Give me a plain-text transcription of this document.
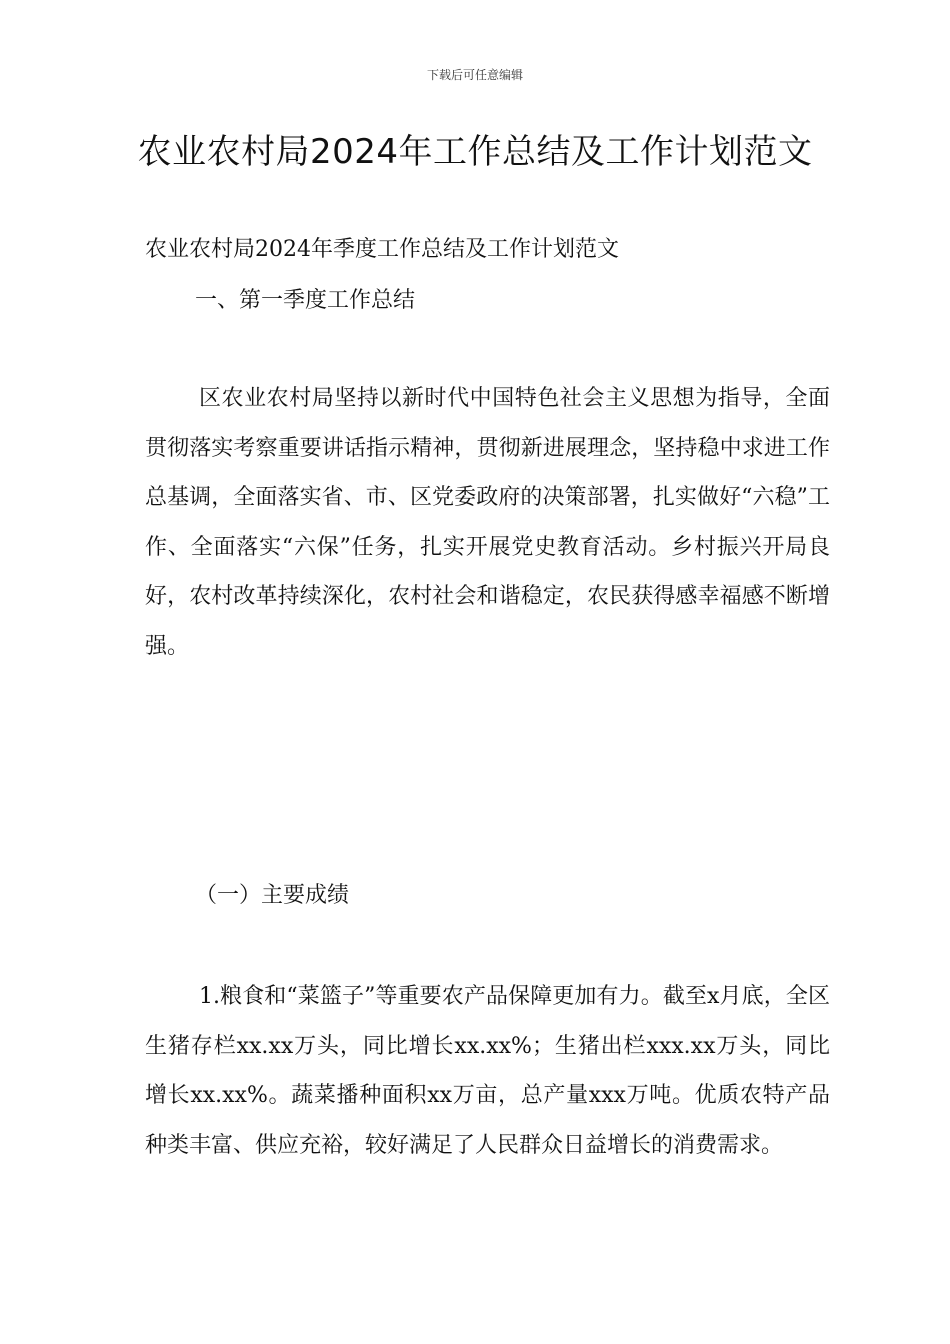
下载后可任意编辑
农业农村局2024年工作总结及工作计划范文

农业农村局2024年季度工作总结及工作计划范文

一、第一季度工作总结

区农业农村局坚持以新时代中国特色社会主义思想为指导，全面贯彻落实考察重要讲话指示精神，贯彻新进展理念，坚持稳中求进工作总基调，全面落实省、市、区党委政府的决策部署，扎实做好“六稳”工作、全面落实“六保”任务，扎实开展党史教育活动。乡村振兴开局良好，农村改革持续深化，农村社会和谐稳定，农民获得感幸福感不断增强。

（一）主要成绩

1.粮食和“菜篮子”等重要农产品保障更加有力。截至x月底，全区生猪存栏xx.xx万头，同比增长xx.xx%；生猪出栏xxx.xx万头，同比增长xx.xx%。蔬菜播种面积xx万亩，总产量xxx万吨。优质农特产品种类丰富、供应充裕，较好满足了人民群众日益增长的消费需求。
